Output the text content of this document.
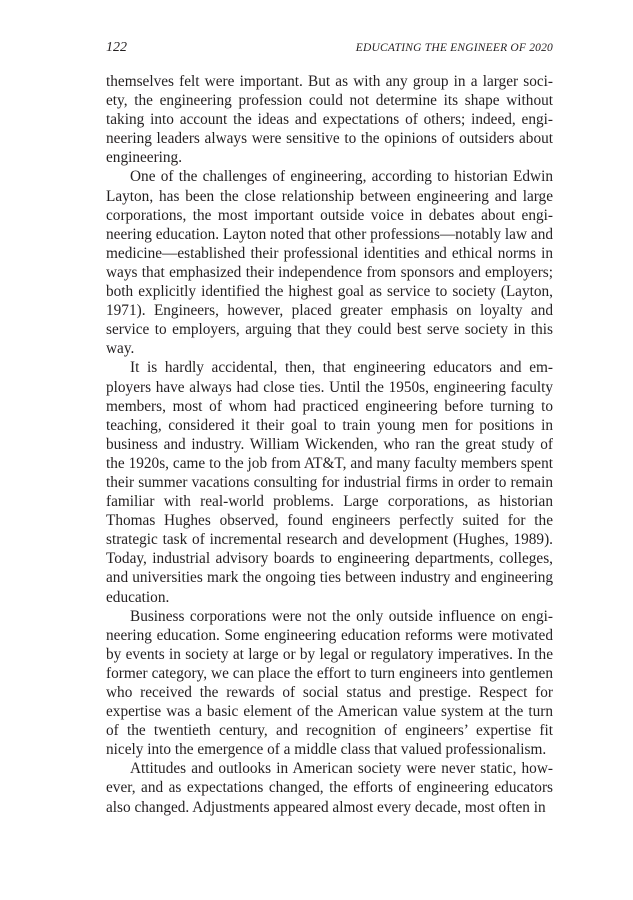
122	EDUCATING THE ENGINEER OF 2020

themselves felt were important. But as with any group in a larger society, the engineering profession could not determine its shape without taking into account the ideas and expectations of others; indeed, engineering leaders always were sensitive to the opinions of outsiders about engineering.

One of the challenges of engineering, according to historian Edwin Layton, has been the close relationship between engineering and large corporations, the most important outside voice in debates about engineering education. Layton noted that other professions—notably law and medicine—established their professional identities and ethical norms in ways that emphasized their independence from sponsors and employers; both explicitly identified the highest goal as service to society (Layton, 1971). Engineers, however, placed greater emphasis on loyalty and service to employers, arguing that they could best serve society in this way.

It is hardly accidental, then, that engineering educators and employers have always had close ties. Until the 1950s, engineering faculty members, most of whom had practiced engineering before turning to teaching, considered it their goal to train young men for positions in business and industry. William Wickenden, who ran the great study of the 1920s, came to the job from AT&T, and many faculty members spent their summer vacations consulting for industrial firms in order to remain familiar with real-world problems. Large corporations, as historian Thomas Hughes observed, found engineers perfectly suited for the strategic task of incremental research and development (Hughes, 1989). Today, industrial advisory boards to engineering departments, colleges, and universities mark the ongoing ties between industry and engineering education.

Business corporations were not the only outside influence on engineering education. Some engineering education reforms were motivated by events in society at large or by legal or regulatory imperatives. In the former category, we can place the effort to turn engineers into gentlemen who received the rewards of social status and prestige. Respect for expertise was a basic element of the American value system at the turn of the twentieth century, and recognition of engineers’ expertise fit nicely into the emergence of a middle class that valued professionalism.

Attitudes and outlooks in American society were never static, however, and as expectations changed, the efforts of engineering educators also changed. Adjustments appeared almost every decade, most often in
